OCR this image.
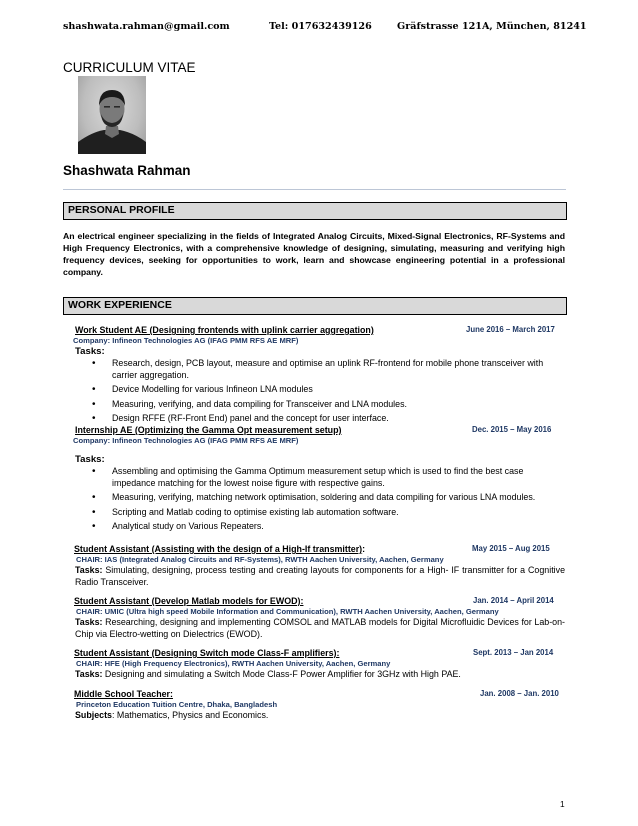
shashwata.rahman@gmail.com	Tel: 017632439126	Gräfstrasse 121A, München, 81241
CURRICULUM VITAE
Shashwata Rahman
PERSONAL PROFILE
An electrical engineer specializing in the fields of Integrated Analog Circuits, Mixed-Signal Electronics, RF-Systems and High Frequency Electronics, with a comprehensive knowledge of designing, simulating, measuring and verifying high frequency devices, seeking for opportunities to work, learn and showcase engineering potential in a professional company.
WORK EXPERIENCE
Work Student AE (Designing frontends with uplink carrier aggregation)	June 2016 – March 2017
Company: Infineon Technologies AG (IFAG PMM RFS AE MRF)
Tasks:
• Research, design, PCB layout, measure and optimise an uplink RF-frontend for mobile phone transceiver with carrier aggregation.
• Device Modelling for various Infineon LNA modules
• Measuring, verifying, and data compiling for Transceiver and LNA modules.
• Design RFFE (RF-Front End) panel and the concept for user interface.
Internship AE (Optimizing the Gamma Opt measurement setup)	Dec. 2015 – May 2016
Company: Infineon Technologies AG (IFAG PMM RFS AE MRF)
Tasks:
• Assembling and optimising the Gamma Optimum measurement setup which is used to find the best case impedance matching for the lowest noise figure with respective gains.
• Measuring, verifying, matching network optimisation, soldering and data compiling for various LNA modules.
• Scripting and Matlab coding to optimise existing lab automation software.
• Analytical study on Various Repeaters.
Student Assistant (Assisting with the design of a High-If transmitter):	May 2015 – Aug 2015
CHAIR: IAS (Integrated Analog Circuits and RF-Systems), RWTH Aachen University, Aachen, Germany
Tasks: Simulating, designing, process testing and creating layouts for components for a High- IF transmitter for a Cognitive Radio Transceiver.
Student Assistant (Develop Matlab models for EWOD):	Jan. 2014 – April 2014
CHAIR: UMIC (Ultra high speed Mobile Information and Communication), RWTH Aachen University, Aachen, Germany
Tasks: Researching, designing and implementing COMSOL and MATLAB models for Digital Microfluidic Devices for Lab-on-Chip via Electro-wetting on Dielectrics (EWOD).
Student Assistant (Designing Switch mode Class-F amplifiers):	Sept. 2013 – Jan 2014
CHAIR: HFE (High Frequency Electronics), RWTH Aachen University, Aachen, Germany
Tasks: Designing and simulating a Switch Mode Class-F Power Amplifier for 3GHz with High PAE.
Middle School Teacher:	Jan. 2008 – Jan. 2010
Princeton Education Tuition Centre, Dhaka, Bangladesh
Subjects: Mathematics, Physics and Economics.
1
